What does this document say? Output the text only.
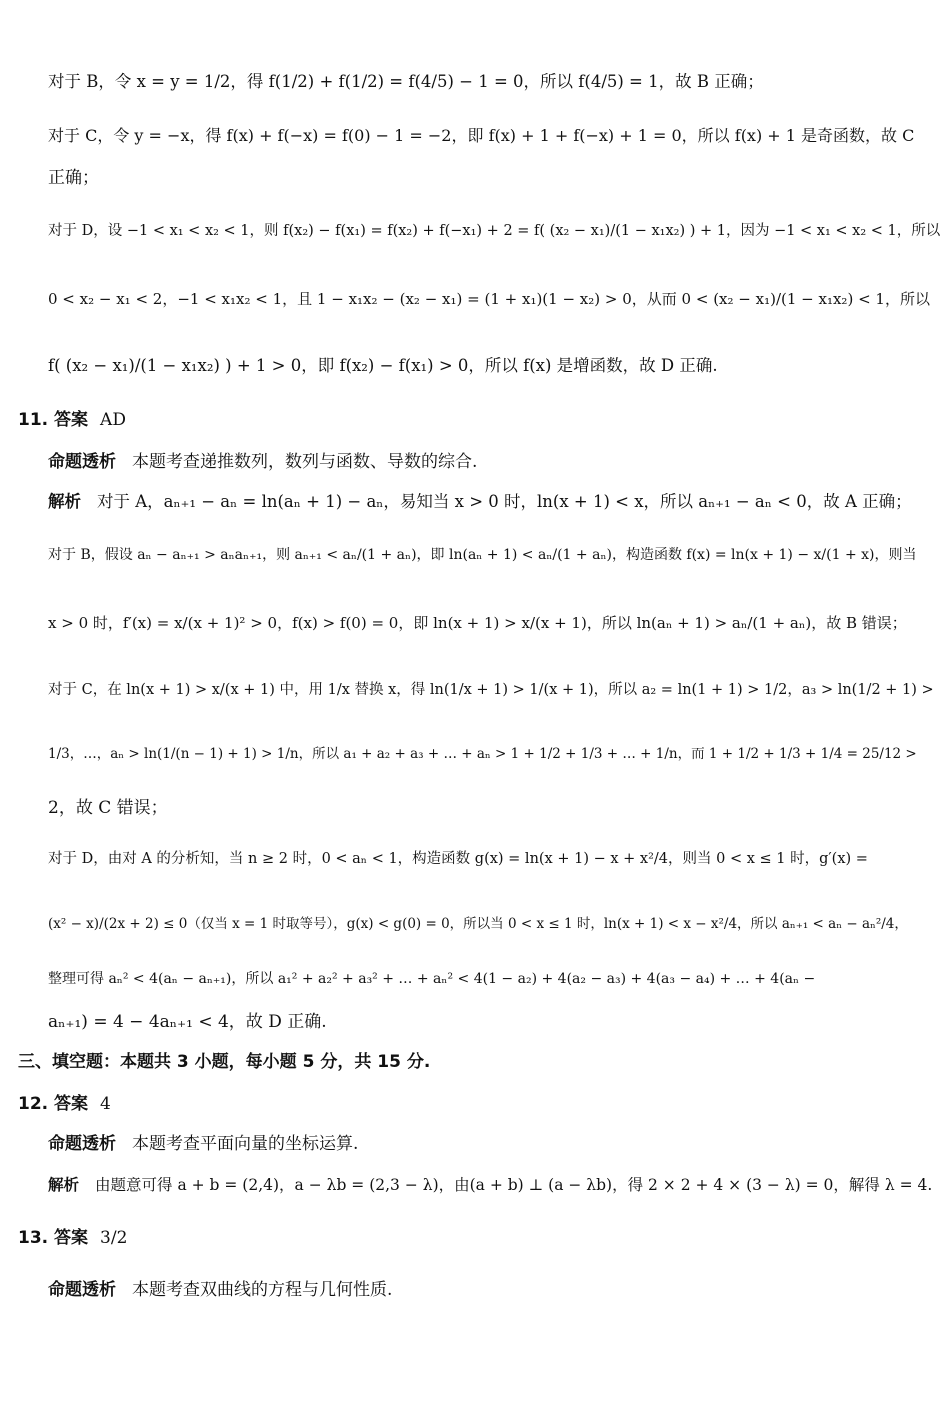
对于 B，令 x = y = 1/2，得 f(1/2) + f(1/2) = f(4/5) − 1 = 0，所以 f(4/5) = 1，故 B 正确；
对于 C，令 y = −x，得 f(x) + f(−x) = f(0) − 1 = −2，即 f(x) + 1 + f(−x) + 1 = 0，所以 f(x) + 1 是奇函数，故 C
正确；
对于 D，设 −1 < x₁ < x₂ < 1，则 f(x₂) − f(x₁) = f(x₂) + f(−x₁) + 2 = f( (x₂ − x₁)/(1 − x₁x₂) ) + 1，因为 −1 < x₁ < x₂ < 1，所以
0 < x₂ − x₁ < 2，−1 < x₁x₂ < 1，且 1 − x₁x₂ − (x₂ − x₁) = (1 + x₁)(1 − x₂) > 0，从而 0 < (x₂ − x₁)/(1 − x₁x₂) < 1，所以
f( (x₂ − x₁)/(1 − x₁x₂) ) + 1 > 0，即 f(x₂) − f(x₁) > 0，所以 f(x) 是增函数，故 D 正确.
11. 答案 AD
命题透析 本题考查递推数列，数列与函数、导数的综合.
解析 对于 A，aₙ₊₁ − aₙ = ln(aₙ + 1) − aₙ，易知当 x > 0 时，ln(x + 1) < x，所以 aₙ₊₁ − aₙ < 0，故 A 正确；
对于 B，假设 aₙ − aₙ₊₁ > aₙaₙ₊₁，则 aₙ₊₁ < aₙ/(1 + aₙ)，即 ln(aₙ + 1) < aₙ/(1 + aₙ)，构造函数 f(x) = ln(x + 1) − x/(1 + x)，则当
x > 0 时，f′(x) = x/(x + 1)² > 0，f(x) > f(0) = 0，即 ln(x + 1) > x/(x + 1)，所以 ln(aₙ + 1) > aₙ/(1 + aₙ)，故 B 错误；
对于 C，在 ln(x + 1) > x/(x + 1) 中，用 1/x 替换 x，得 ln(1/x + 1) > 1/(x + 1)，所以 a₂ = ln(1 + 1) > 1/2，a₃ > ln(1/2 + 1) >
1/3，…，aₙ > ln(1/(n − 1) + 1) > 1/n，所以 a₁ + a₂ + a₃ + … + aₙ > 1 + 1/2 + 1/3 + … + 1/n，而 1 + 1/2 + 1/3 + 1/4 = 25/12 >
2，故 C 错误；
对于 D，由对 A 的分析知，当 n ≥ 2 时，0 < aₙ < 1，构造函数 g(x) = ln(x + 1) − x + x²/4，则当 0 < x ≤ 1 时，g′(x) =
(x² − x)/(2x + 2) ≤ 0（仅当 x = 1 时取等号），g(x) < g(0) = 0，所以当 0 < x ≤ 1 时，ln(x + 1) < x − x²/4，所以 aₙ₊₁ < aₙ − aₙ²/4，
整理可得 aₙ² < 4(aₙ − aₙ₊₁)，所以 a₁² + a₂² + a₃² + … + aₙ² < 4(1 − a₂) + 4(a₂ − a₃) + 4(a₃ − a₄) + … + 4(aₙ −
aₙ₊₁) = 4 − 4aₙ₊₁ < 4，故 D 正确.
三、填空题：本题共 3 小题，每小题 5 分，共 15 分.
12. 答案 4
命题透析 本题考查平面向量的坐标运算.
解析 由题意可得 a + b = (2,4)，a − λb = (2,3 − λ)，由(a + b) ⊥ (a − λb)，得 2 × 2 + 4 × (3 − λ) = 0，解得 λ = 4.
13. 答案 3/2
命题透析 本题考查双曲线的方程与几何性质.
